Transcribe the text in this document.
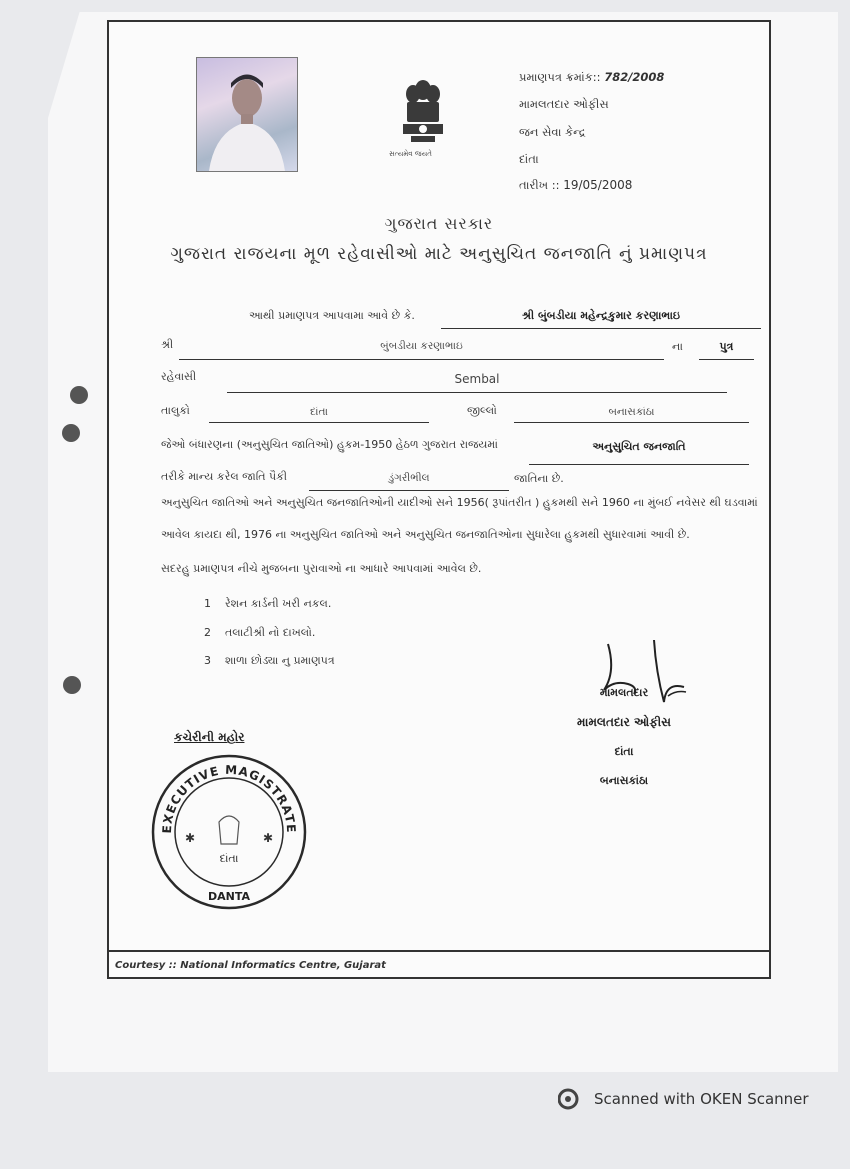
સત્યમેવ જયતે
પ્રમાણપત્ર ક્રમાંક:: 782/2008
મામલતદાર ઓફીસ
જન સેવા કેન્દ્ર
દાંતા
તારીખ :: 19/05/2008
ગુજરાત સરકાર
ગુજરાત રાજયના મૂળ રહેવાસીઓ માટે અનુસુચિત જનજાતિ નું પ્રમાણપત્ર
આથી પ્રમાણપત્ર આપવામા આવે છે કે.	શ્રી બુંબડીયા મહેન્દ્રકુમાર કરણાભાઇ
શ્રી	બુંબડીયા કરણાભાઇ	ના	પુત્ર
રહેવાસી	Sembal
તાલુકો	દાંતા	જીલ્લો	બનાસકાંઠા
જેઓ બંધારણના (અનુસુચિત જાતિઓ) હુકમ-1950 હેઠળ ગુજરાત રાજયમાં	અનુસુચિત જનજાતિ
તરીકે માન્ય કરેલ જાતિ પૈકી	ડુંગરીભીલ	જાતિના છે.
અનુસુચિત જાતિઓ અને અનુસુચિત જનજાતિઓની યાદીઓ સને 1956( રૂપાંતરીત ) હુકમથી સને 1960 ના મુંબઈ નવેસર થી ઘડવામાં
આવેલ કાયદા થી, 1976 ના અનુસુચિત જાતિઓ અને અનુસુચિત જનજાતિઓના સુધારેલા હુકમથી સુધારવામાં આવી છે.
સદરહુ પ્રમાણપત્ર નીચે મુજબના પુરાવાઓ ના આધારે આપવામાં આવેલ છે.
1 રેશન કાર્ડની ખરી નકલ.
2 તલાટીશ્રી નો દાખલો.
3 શાળા છોડ્યા નુ પ્રમાણપત્ર
મામલતદાર
મામલતદાર ઓફીસ
દાંતા
બનાસકાંઠા
કચેરીની મહોર
EXECUTIVE MAGISTRATE
દાંતા
DANTA
✱	✱
Courtesy :: National Informatics Centre, Gujarat
Scanned with OKEN Scanner
